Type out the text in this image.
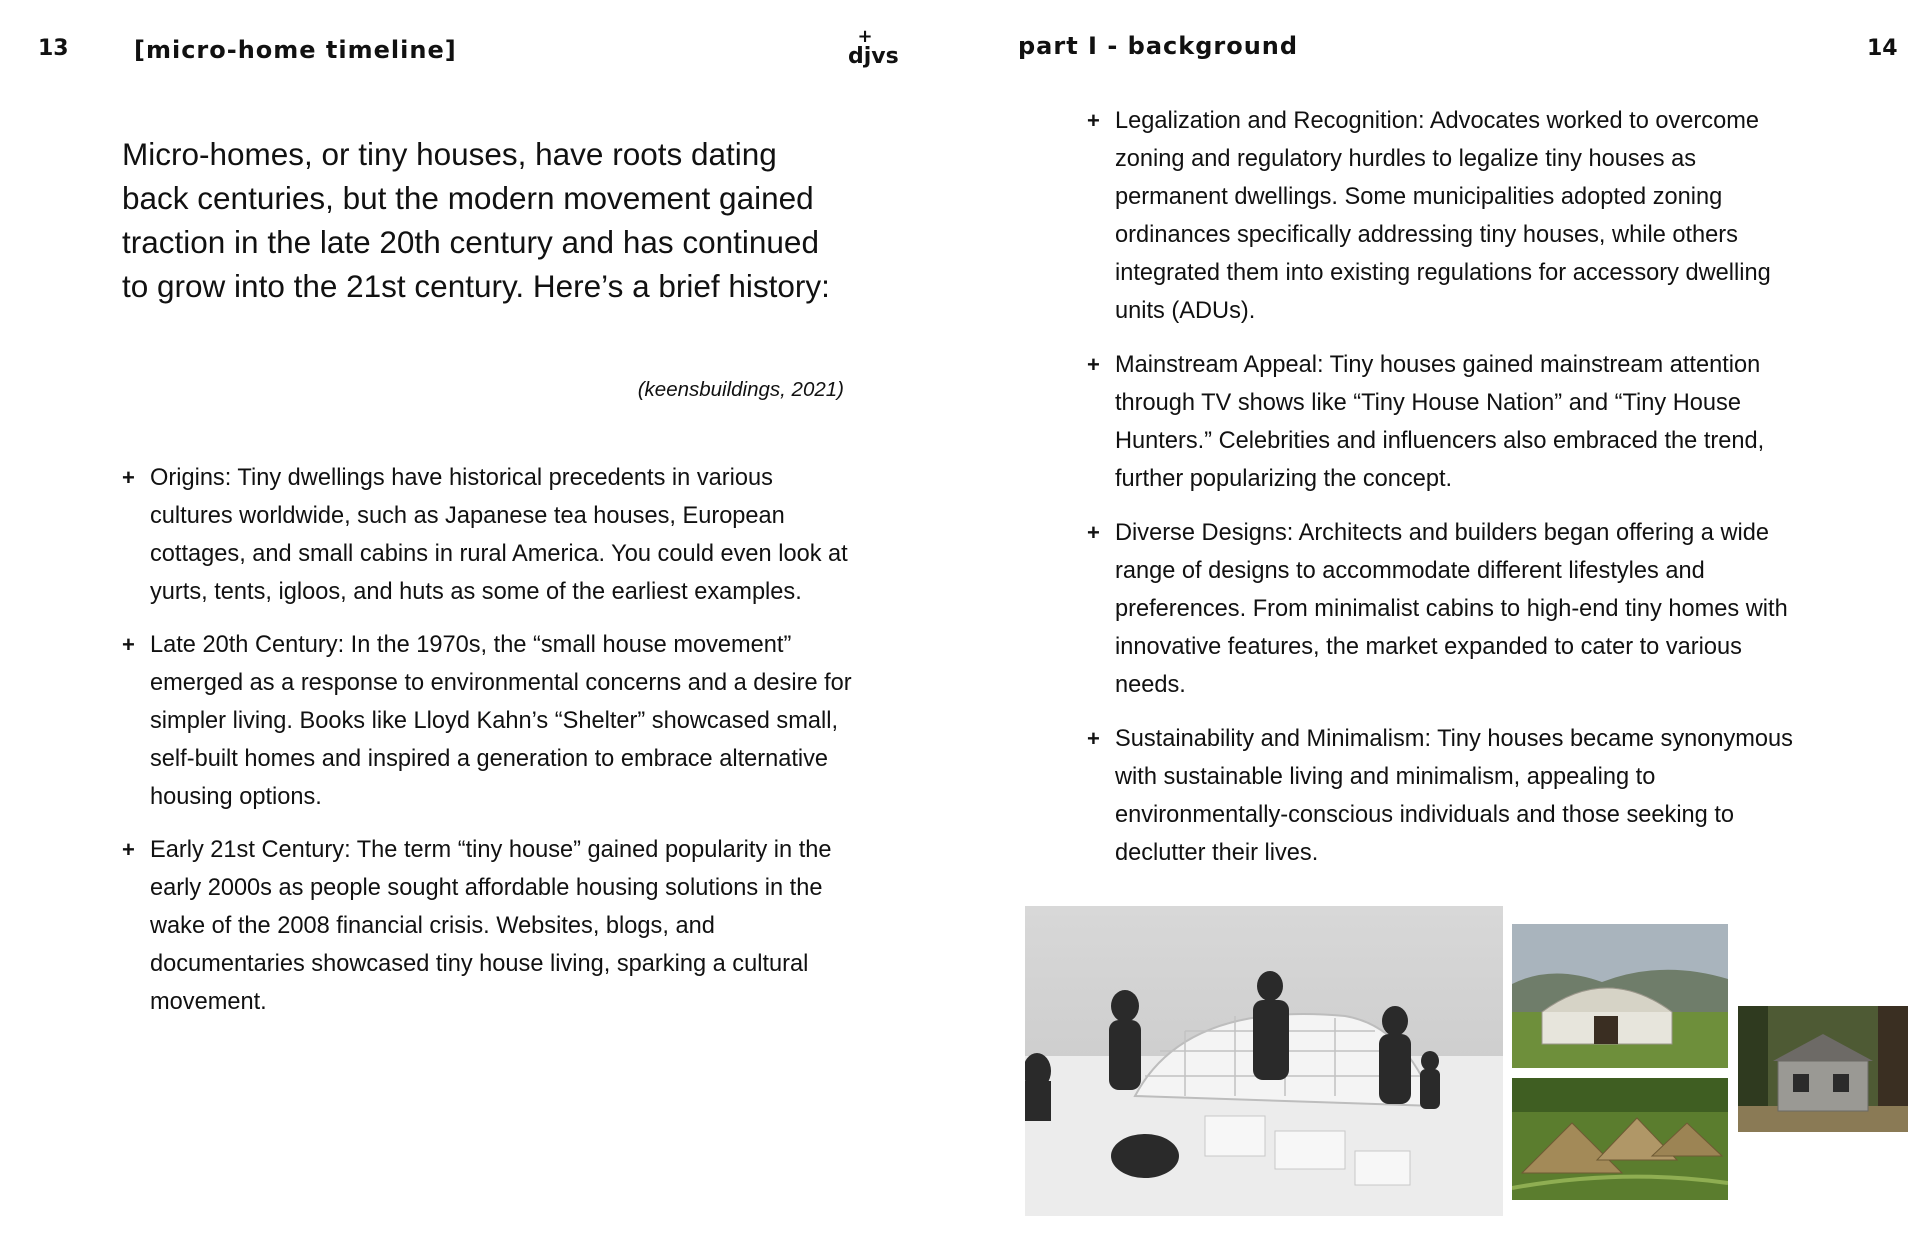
13	[micro-home timeline]	+
djvs	part I - background	14
Micro-homes, or tiny houses, have roots dating back centuries, but the modern movement gained traction in the late 20th century and has continued to grow into the 21st century. Here’s a brief history:
(keensbuildings, 2021)
+ Origins: Tiny dwellings have historical precedents in various cultures worldwide, such as Japanese tea houses, European cottages, and small cabins in rural America. You could even look at yurts, tents, igloos, and huts as some of the earliest examples.
+ Late 20th Century: In the 1970s, the “small house movement” emerged as a response to environmental concerns and a desire for simpler living. Books like Lloyd Kahn’s “Shelter” showcased small, self-built homes and inspired a generation to embrace alternative housing options.
+ Early 21st Century: The term “tiny house” gained popularity in the early 2000s as people sought affordable housing solutions in the wake of the 2008 financial crisis. Websites, blogs, and documentaries showcased tiny house living, sparking a cultural movement.
+ Legalization and Recognition: Advocates worked to overcome zoning and regulatory hurdles to legalize tiny houses as permanent dwellings. Some municipalities adopted zoning ordinances specifically addressing tiny houses, while others integrated them into existing regulations for accessory dwelling units (ADUs).
+ Mainstream Appeal: Tiny houses gained mainstream attention through TV shows like “Tiny House Nation” and “Tiny House Hunters.” Celebrities and influencers also embraced the trend, further popularizing the concept.
+ Diverse Designs: Architects and builders began offering a wide range of designs to accommodate different lifestyles and preferences. From minimalist cabins to high-end tiny homes with innovative features, the market expanded to cater to various needs.
+ Sustainability and Minimalism: Tiny houses became synonymous with sustainable living and minimalism, appealing to environmentally-conscious individuals and those seeking to declutter their lives.
